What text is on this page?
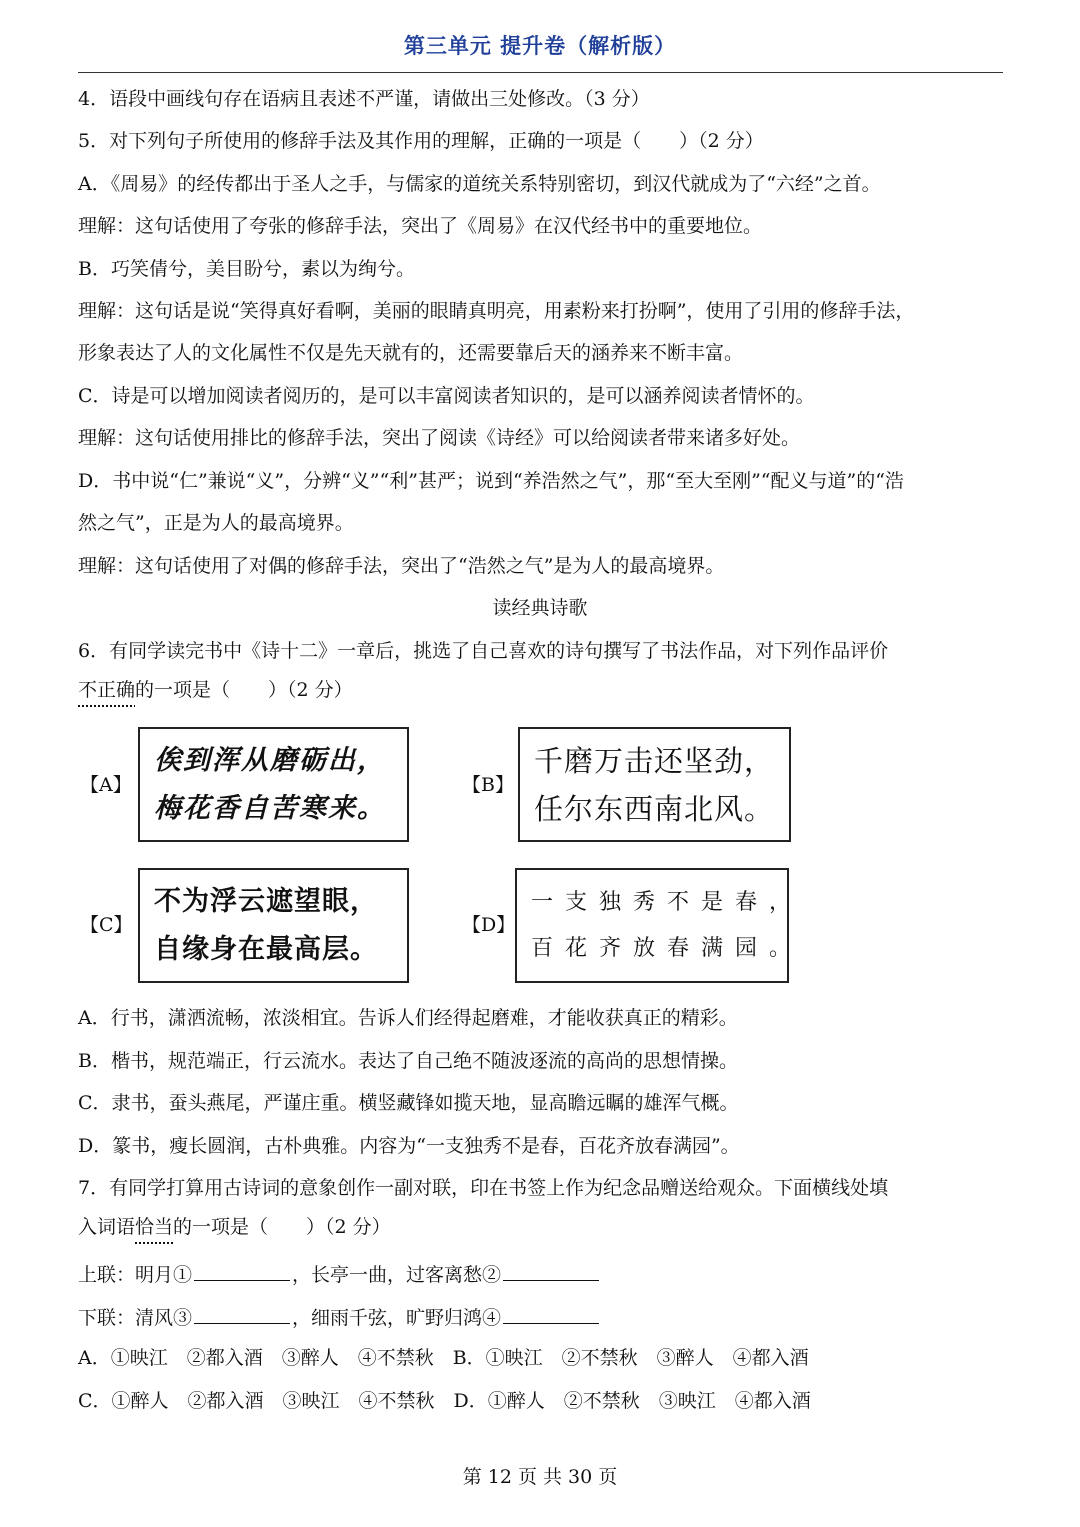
第三单元 提升卷（解析版）
4．语段中画线句存在语病且表述不严谨，请做出三处修改。（3 分）
5．对下列句子所使用的修辞手法及其作用的理解，正确的一项是（　　）（2 分）
A．《周易》的经传都出于圣人之手，与儒家的道统关系特别密切，到汉代就成为了“六经”之首。
理解：这句话使用了夸张的修辞手法，突出了《周易》在汉代经书中的重要地位。
B．巧笑倩兮，美目盼兮，素以为绚兮。
理解：这句话是说“笑得真好看啊，美丽的眼睛真明亮，用素粉来打扮啊”，使用了引用的修辞手法，
形象表达了人的文化属性不仅是先天就有的，还需要靠后天的涵养来不断丰富。
C．诗是可以增加阅读者阅历的，是可以丰富阅读者知识的，是可以涵养阅读者情怀的。
理解：这句话使用排比的修辞手法，突出了阅读《诗经》可以给阅读者带来诸多好处。
D．书中说“仁”兼说“义”，分辨“义”“利”甚严；说到“养浩然之气”，那“至大至刚”“配义与道”的“浩
然之气”，正是为人的最高境界。
理解：这句话使用了对偶的修辞手法，突出了“浩然之气”是为人的最高境界。
读经典诗歌
6．有同学读完书中《诗十二》一章后，挑选了自己喜欢的诗句撰写了书法作品，对下列作品评价
不正确的一项是（　　）（2 分）
【A】
俟到浑从磨砺出，
梅花香自苦寒来。
【B】
千磨万击还坚劲，
任尔东西南北风。
【C】
不为浮云遮望眼，
自缘身在最高层。
【D】
一支独秀不是春，
百花齐放春满园。
A．行书，潇洒流畅，浓淡相宜。告诉人们经得起磨难，才能收获真正的精彩。
B．楷书，规范端正，行云流水。表达了自己绝不随波逐流的高尚的思想情操。
C．隶书，蚕头燕尾，严谨庄重。横竖藏锋如揽天地，显高瞻远瞩的雄浑气概。
D．篆书，瘦长圆润，古朴典雅。内容为“一支独秀不是春，百花齐放春满园”。
7．有同学打算用古诗词的意象创作一副对联，印在书签上作为纪念品赠送给观众。下面横线处填
入词语恰当的一项是（　　）（2 分）
上联：明月①	，长亭一曲，过客离愁②
下联：清风③	，细雨千弦，旷野归鸿④
A．①映江　②都入酒　③醉人　④不禁秋　B．①映江　②不禁秋　③醉人　④都入酒
C．①醉人　②都入酒　③映江　④不禁秋　D．①醉人　②不禁秋　③映江　④都入酒
第 12 页 共 30 页
